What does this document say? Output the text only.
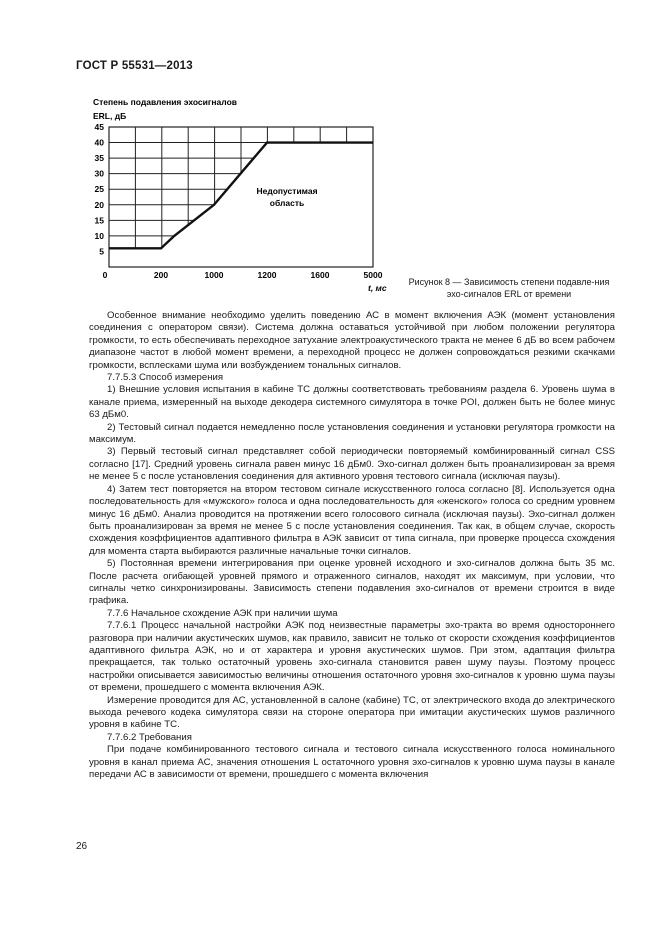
ГОСТ Р 55531—2013
Степень подавления эхосигналов
ERL, дБ
5
10
15
20
25
30
35
40
45
0	200	1000	1200	1600	5000
Недопустимая
область
t, мс
Рисунок 8 — Зависимость степени подавле-ния эхо-сигналов ERL от времени

Особенное внимание необходимо уделить поведению АС в момент включения АЭК (момент установления соединения с оператором связи). Система должна оставаться устойчивой при любом положении регулятора громкости, то есть обеспечивать переходное затухание электроакустического тракта не менее 6 дБ во всем рабочем диапазоне частот в любой момент времени, а переходной процесс не должен сопровождаться резкими скачками громкости, всплесками шума или возбуждением тональных сигналов.

7.7.5.3 Способ измерения

1) Внешние условия испытания в кабине ТС должны соответствовать требованиям раздела 6. Уровень шума в канале приема, измеренный на выходе декодера системного симулятора в точке POI, должен быть не более минус 63 дБм0.

2) Тестовый сигнал подается немедленно после установления соединения и установки регулятора громкости на максимум.

3) Первый тестовый сигнал представляет собой периодически повторяемый комбинированный сигнал CSS согласно [17]. Средний уровень сигнала равен минус 16 дБм0. Эхо-сигнал должен быть проанализирован за время не менее 5 с после установления соединения для активного уровня тестового сигнала (исключая паузы).

4) Затем тест повторяется на втором тестовом сигнале искусственного голоса согласно [8]. Используется одна последовательность для «мужского» голоса и одна последовательность для «женского» голоса со средним уровнем минус 16 дБм0. Анализ проводится на протяжении всего голосового сигнала (исключая паузы). Эхо-сигнал должен быть проанализирован за время не менее 5 с после установления соединения. Так как, в общем случае, скорость схождения коэффициентов адаптивного фильтра в АЭК зависит от типа сигнала, при проверке процесса схождения для момента старта выбираются различные начальные точки сигналов.

5) Постоянная времени интегрирования при оценке уровней исходного и эхо-сигналов должна быть 35 мс. После расчета огибающей уровней прямого и отраженного сигналов, находят их максимум, при условии, что сигналы четко синхронизированы. Зависимость степени подавления эхо-сигналов от времени строится в виде графика.

7.7.6 Начальное схождение АЭК при наличии шума

7.7.6.1 Процесс начальной настройки АЭК под неизвестные параметры эхо-тракта во время одностороннего разговора при наличии акустических шумов, как правило, зависит не только от скорости схождения коэффициентов адаптивного фильтра АЭК, но и от характера и уровня акустических шумов. При этом, адаптация фильтра прекращается, так только остаточный уровень эхо-сигнала становится равен шуму паузы. Поэтому процесс настройки описывается зависимостью величины отношения остаточного уровня эхо-сигналов к уровню шума паузы от времени, прошедшего с момента включения АЭК.

Измерение проводится для АС, установленной в салоне (кабине) ТС, от электрического входа до электрического выхода речевого кодека симулятора связи на стороне оператора при имитации акустических шумов различного уровня в кабине ТС.

7.7.6.2 Требования

При подаче комбинированного тестового сигнала и тестового сигнала искусственного голоса номинального уровня в канал приема АС, значения отношения L остаточного уровня эхо-сигналов к уровню шума паузы в канале передачи АС в зависимости от времени, прошедшего с момента включения

26
